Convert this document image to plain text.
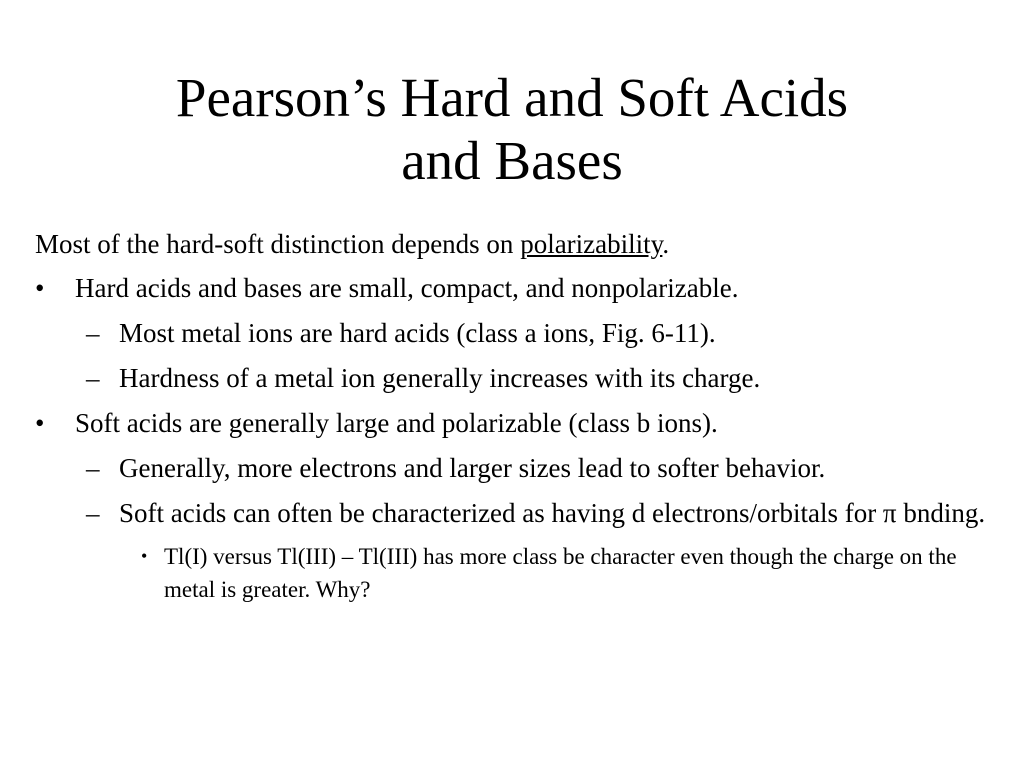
Pearson’s Hard and Soft Acids
and Bases
Most of the hard-soft distinction depends on polarizability.
• Hard acids and bases are small, compact, and nonpolarizable.
– Most metal ions are hard acids (class a ions, Fig. 6-11).
– Hardness of a metal ion generally increases with its charge.
• Soft acids are generally large and polarizable (class b ions).
– Generally, more electrons and larger sizes lead to softer behavior.
– Soft acids can often be characterized as having d electrons/orbitals for π bnding.
• Tl(I) versus Tl(III) – Tl(III) has more class be character even though the charge on the metal is greater. Why?
